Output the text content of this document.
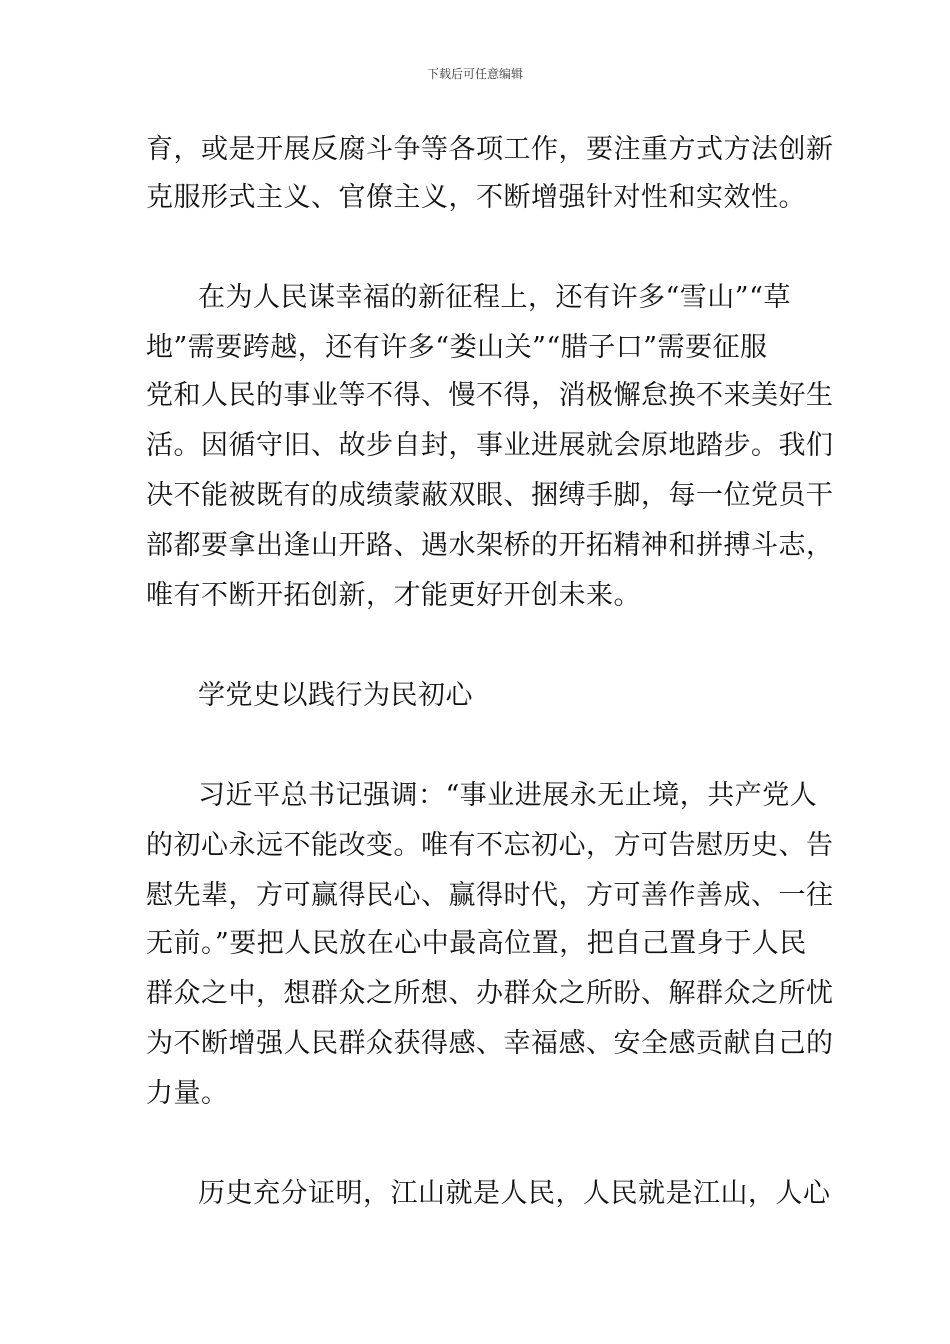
下载后可任意编辑
育，或是开展反腐斗争等各项工作，要注重方式方法创新
克服形式主义、官僚主义，不断增强针对性和实效性。
在为人民谋幸福的新征程上，还有许多“雪山”“草
地”需要跨越，还有许多“娄山关”“腊子口”需要征服
党和人民的事业等不得、慢不得，消极懈怠换不来美好生
活。因循守旧、故步自封，事业进展就会原地踏步。我们
决不能被既有的成绩蒙蔽双眼、捆缚手脚，每一位党员干
部都要拿出逢山开路、遇水架桥的开拓精神和拼搏斗志，
唯有不断开拓创新，才能更好开创未来。
学党史以践行为民初心
习近平总书记强调：“事业进展永无止境，共产党人
的初心永远不能改变。唯有不忘初心，方可告慰历史、告
慰先辈，方可赢得民心、赢得时代，方可善作善成、一往
无前。”要把人民放在心中最高位置，把自己置身于人民
群众之中，想群众之所想、办群众之所盼、解群众之所忧
为不断增强人民群众获得感、幸福感、安全感贡献自己的
力量。
历史充分证明，江山就是人民，人民就是江山，人心
